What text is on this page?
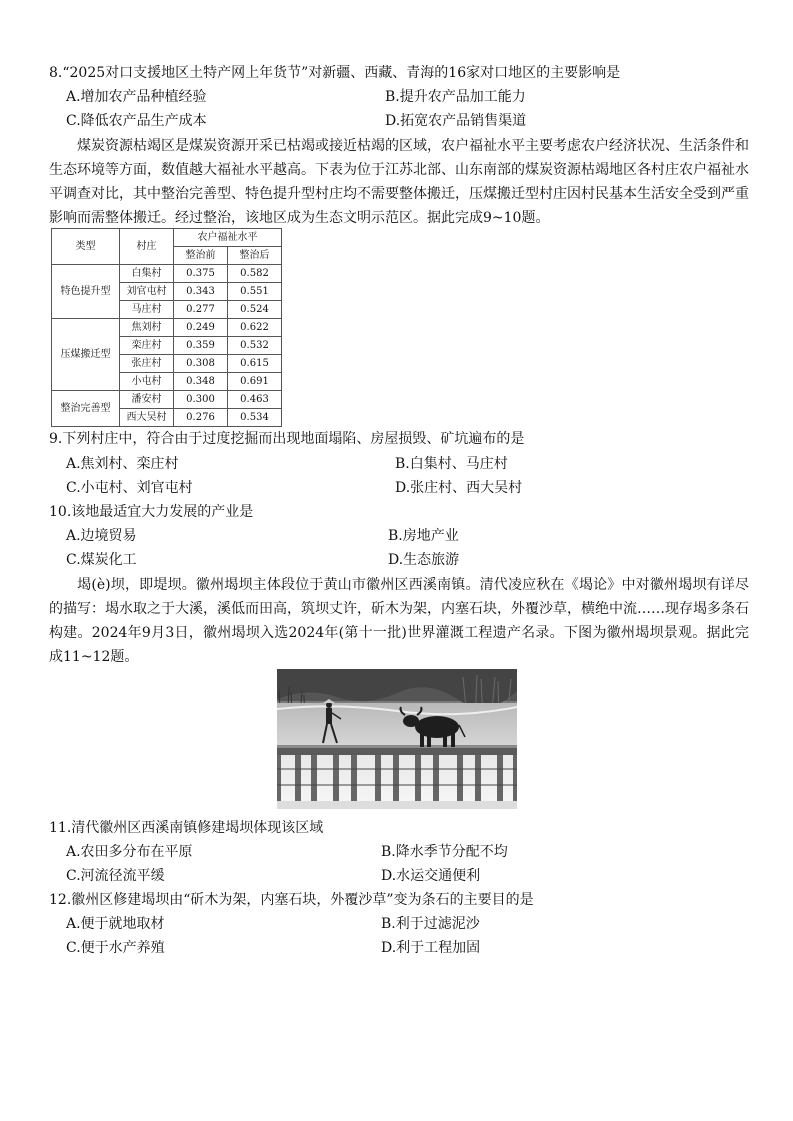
8.“2025对口支援地区土特产网上年货节”对新疆、西藏、青海的16家对口地区的主要影响是
A.增加农产品种植经验	B.提升农产品加工能力
C.降低农产品生产成本	D.拓宽农产品销售渠道
煤炭资源枯竭区是煤炭资源开采已枯竭或接近枯竭的区域，农户福祉水平主要考虑农户经济状况、生活条件和生态环境等方面，数值越大福祉水平越高。下表为位于江苏北部、山东南部的煤炭资源枯竭地区各村庄农户福祉水平调查对比，其中整治完善型、特色提升型村庄均不需要整体搬迁，压煤搬迁型村庄因村民基本生活安全受到严重影响而需整体搬迁。经过整治，该地区成为生态文明示范区。据此完成9~10题。
类型	村庄	农户福祉水平	
		整治前	整治后
特色提升型	白集村	0.375	0.582
	刘官屯村	0.343	0.551
	马庄村	0.277	0.524
压煤搬迁型	焦刘村	0.249	0.622
	栾庄村	0.359	0.532
	张庄村	0.308	0.615
	小屯村	0.348	0.691
整治完善型	潘安村	0.300	0.463
	西大吴村	0.276	0.534
9.下列村庄中，符合由于过度挖掘而出现地面塌陷、房屋损毁、矿坑遍布的是
A.焦刘村、栾庄村	B.白集村、马庄村
C.小屯村、刘官屯村	D.张庄村、西大吴村
10.该地最适宜大力发展的产业是
A.边境贸易	B.房地产业
C.煤炭化工	D.生态旅游
堨(è)坝，即堤坝。徽州堨坝主体段位于黄山市徽州区西溪南镇。清代凌应秋在《堨论》中对徽州堨坝有详尽的描写：堨水取之于大溪，溪低而田高，筑坝丈许，斫木为架，内塞石块，外覆沙草，横绝中流……现存堨多条石构建。2024年9月3日，徽州堨坝入选2024年(第十一批)世界灌溉工程遗产名录。下图为徽州堨坝景观。据此完成11~12题。
11.清代徽州区西溪南镇修建堨坝体现该区域
A.农田多分布在平原	B.降水季节分配不均
C.河流径流平缓	D.水运交通便利
12.徽州区修建堨坝由“斫木为架，内塞石块，外覆沙草”变为条石的主要目的是
A.便于就地取材	B.利于过滤泥沙
C.便于水产养殖	D.利于工程加固
